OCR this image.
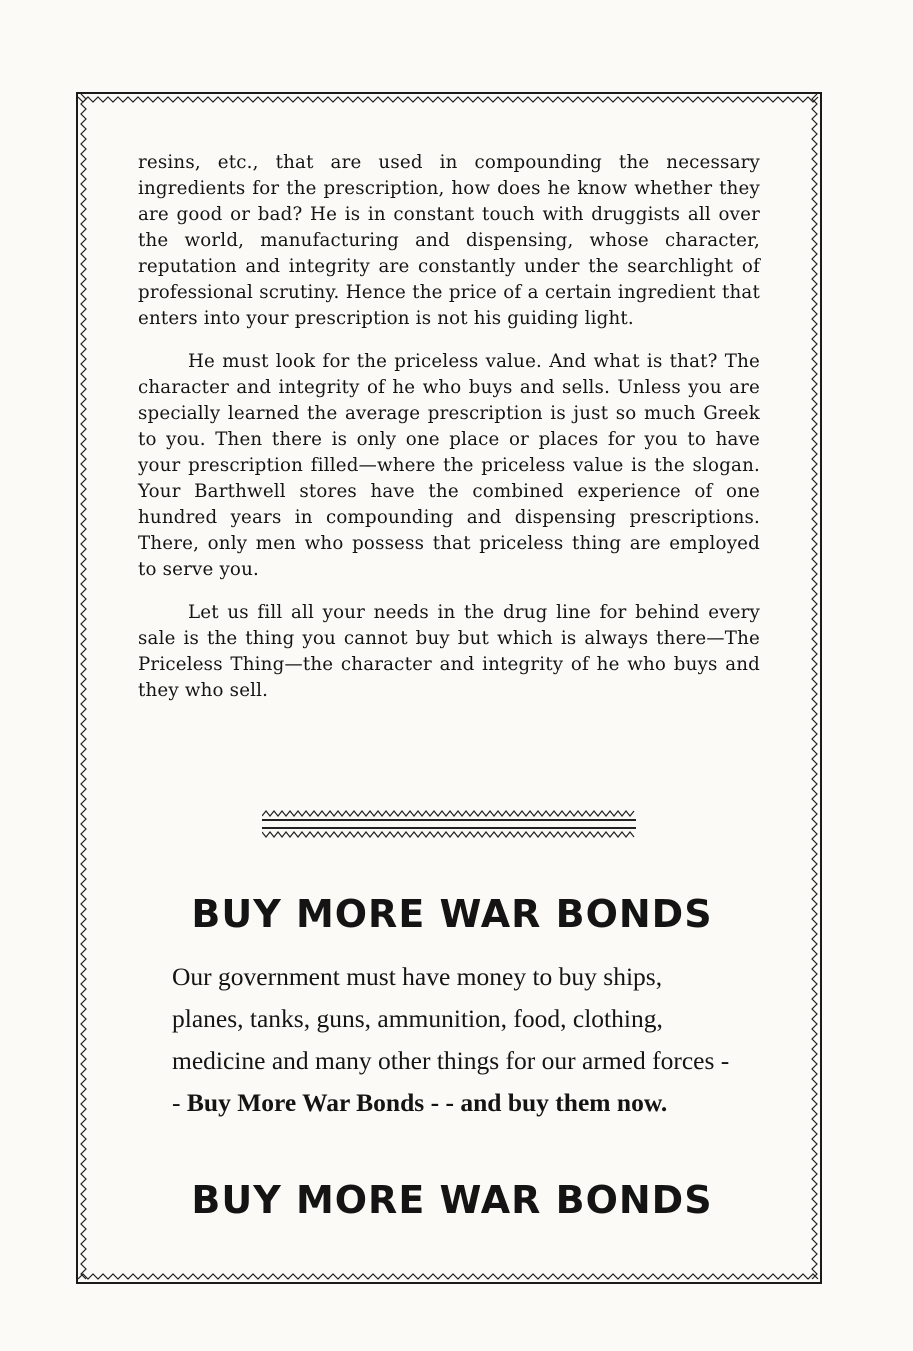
resins, etc., that are used in compounding the necessary ingredients for the prescription, how does he know whether they are good or bad? He is in constant touch with druggists all over the world, manufacturing and dispensing, whose character, reputation and integrity are constantly under the searchlight of professional scrutiny. Hence the price of a certain ingredient that enters into your prescription is not his guiding light.

He must look for the priceless value. And what is that? The character and integrity of he who buys and sells. Unless you are specially learned the average prescription is just so much Greek to you. Then there is only one place or places for you to have your prescription filled—where the priceless value is the slogan. Your Barthwell stores have the combined experience of one hundred years in compounding and dispensing prescriptions. There, only men who possess that priceless thing are employed to serve you.

Let us fill all your needs in the drug line for behind every sale is the thing you cannot buy but which is always there—The Priceless Thing—the character and integrity of he who buys and they who sell.

BUY MORE WAR BONDS
Our government must have money to buy ships, planes, tanks, guns, ammunition, food, clothing, medicine and many other things for our armed forces - - Buy More War Bonds - - and buy them now.
BUY MORE WAR BONDS
